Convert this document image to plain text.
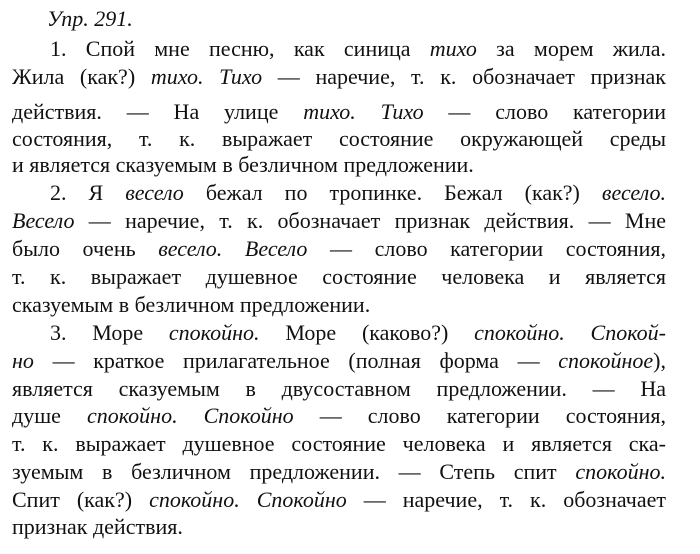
Упр. 291.
1. Спой мне песню, как синица тихо за морем жила.
Жила (как?) тихо. Тихо — наречие, т. к. обозначает признак
действия. — На улице тихо. Тихо — слово категории
состояния, т. к. выражает состояние окружающей среды
и является сказуемым в безличном предложении.
2. Я весело бежал по тропинке. Бежал (как?) весело.
Весело — наречие, т. к. обозначает признак действия. — Мне
было очень весело. Весело — слово категории состояния,
т. к. выражает душевное состояние человека и является
сказуемым в безличном предложении.
3. Море спокойно. Море (каково?) спокойно. Спокой-
но — краткое прилагательное (полная форма — спокойное),
является сказуемым в двусоставном предложении. — На
душе спокойно. Спокойно — слово категории состояния,
т. к. выражает душевное состояние человека и является ска-
зуемым в безличном предложении. — Степь спит спокойно.
Спит (как?) спокойно. Спокойно — наречие, т. к. обозначает
признак действия.
